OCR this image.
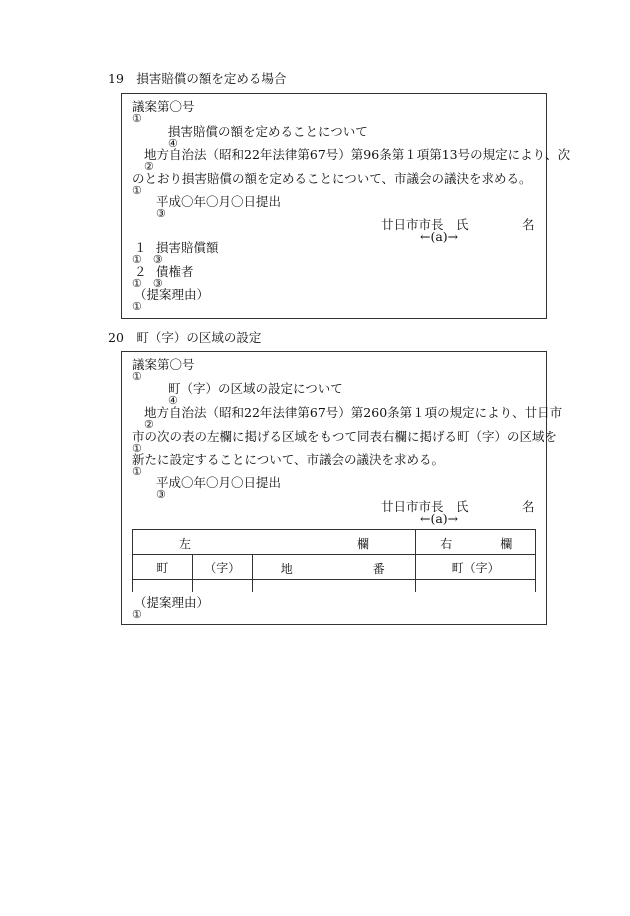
19　損害賠償の額を定める場合
議案第〇号
①
損害賠償の額を定めることについて
④
地方自治法（昭和22年法律第67号）第96条第１項第13号の規定により、次
②
のとおり損害賠償の額を定めることについて、市議会の議決を求める。
①
平成〇年〇月〇日提出
③
廿日市市長　氏	名
←(a)→
１ 損害賠償額
①　③
２ 債権者
①　③
（提案理由）
①
20　町（字）の区域の設定
議案第〇号
①
町（字）の区域の設定について
④
地方自治法（昭和22年法律第67号）第260条第１項の規定により、廿日市
②
市の次の表の左欄に掲げる区域をもつて同表右欄に掲げる町（字）の区域を
①
新たに設定することについて、市議会の議決を求める。
①
平成〇年〇月〇日提出
③
廿日市市長　氏	名
←(a)→
左 欄			右 欄

町	（字）	地 番	町（字）

（提案理由）
①
